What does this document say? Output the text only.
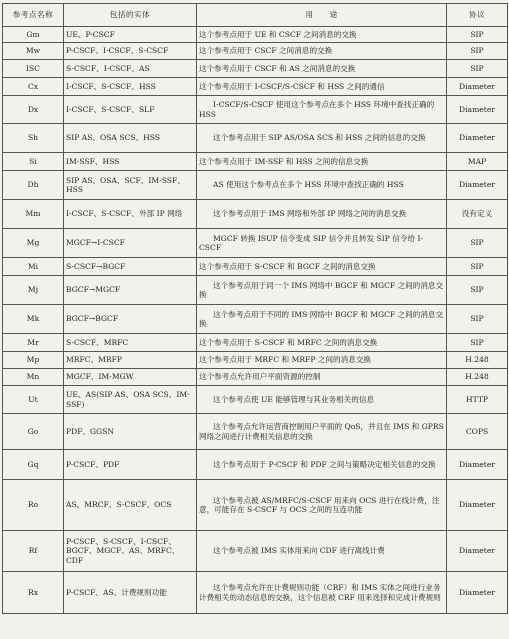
参考点名称	包括的实体	用　　途	协议
Gm	UE、P-CSCF	这个参考点用于 UE 和 CSCF 之间消息的交换	SIP
Mw	P-CSCF、I-CSCF、S-CSCF	这个参考点用于 CSCF 之间消息的交换	SIP
ISC	S-CSCF、I-CSCF、AS	这个参考点用于 CSCF 和 AS 之间消息的交换	SIP
Cx	I-CSCF、S-CSCF、HSS	这个参考点用于 I-CSCF/S-CSCF 和 HSS 之间的通信	Diameter
Dx	I-CSCF、S-CSCF、SLF	I-CSCF/S-CSCF 使用这个参考点在多个 HSS 环境中查找正确的 HSS	Diameter
Sh	SIP AS、OSA SCS、HSS	这个参考点用于 SIP AS/OSA SCS 和 HSS 之间的信息的交换	Diameter
Si	IM-SSF、HSS	这个参考点用于 IM-SSF 和 HSS 之间的信息交换	MAP
Dh	SIP AS、OSA、SCF、IM-SSF、HSS	AS 使用这个参考点在多个 HSS 环境中查找正确的 HSS	Diameter
Mm	I-CSCF、S-CSCF、外部 IP 网络	这个参考点用于 IMS 网络和外部 IP 网络之间的消息交换	没有定义
Mg	MGCF→I-CSCF	MGCF 转换 ISUP 信令变成 SIP 信令并且转发 SIP 信令给 I-CSCF	SIP
Mi	S-CSCF→BGCF	这个参考点用于 S-CSCF 和 BGCF 之间的消息交换	SIP
Mj	BGCF→MGCF	这个参考点用于同一个 IMS 网络中 BGCF 和 MGCF 之间的消息交换	SIP
Mk	BGCF→BGCF	这个参考点用于不同的 IMS 网络中 BGCF 和 MGCF 之间的消息交换	SIP
Mr	S-CSCF、MRFC	这个参考点用于 S-CSCF 和 MRFC 之间的消息交换	SIP
Mp	MRFC、MRFP	这个参考点用于 MRFC 和 MRFP 之间的消息交换	H.248
Mn	MGCF、IM-MGW	这个参考点允许用户平面资源的控制	H.248
Ut	UE、AS(SIP AS、OSA SCS、IM-SSF)	这个参考点使 UE 能够管理与其业务相关的信息	HTTP
Go	PDF、GGSN	这个参考点允许运营商控制用户平面的 QoS，并且在 IMS 和 GPRS 网络之间进行计费相关信息的交换	COPS
Gq	P-CSCF、PDF	这个参考点用于 P-CSCF 和 PDF 之间与策略决定相关信息的交换	Diameter
Ro	AS、MRCF、S-CSCF、OCS	这个参考点被 AS/MRFC/S-CSCF 用来向 OCS 进行在线计费，注意，可能存在 S-CSCF 与 OCS 之间的互连功能	Diameter
Rf	P-CSCF、S-CSCF、I-CSCF、BGCF、MGCF、AS、MRFC、CDF	这个参考点被 IMS 实体用来向 CDF 进行离线计费	Diameter
Rx	P-CSCF、AS、计费规则功能	这个参考点允许在计费规则功能（CRF）和 IMS 实体之间进行业务计费相关的动态信息的交换，这个信息被 CRF 用来选择和完成计费规则	Diameter
